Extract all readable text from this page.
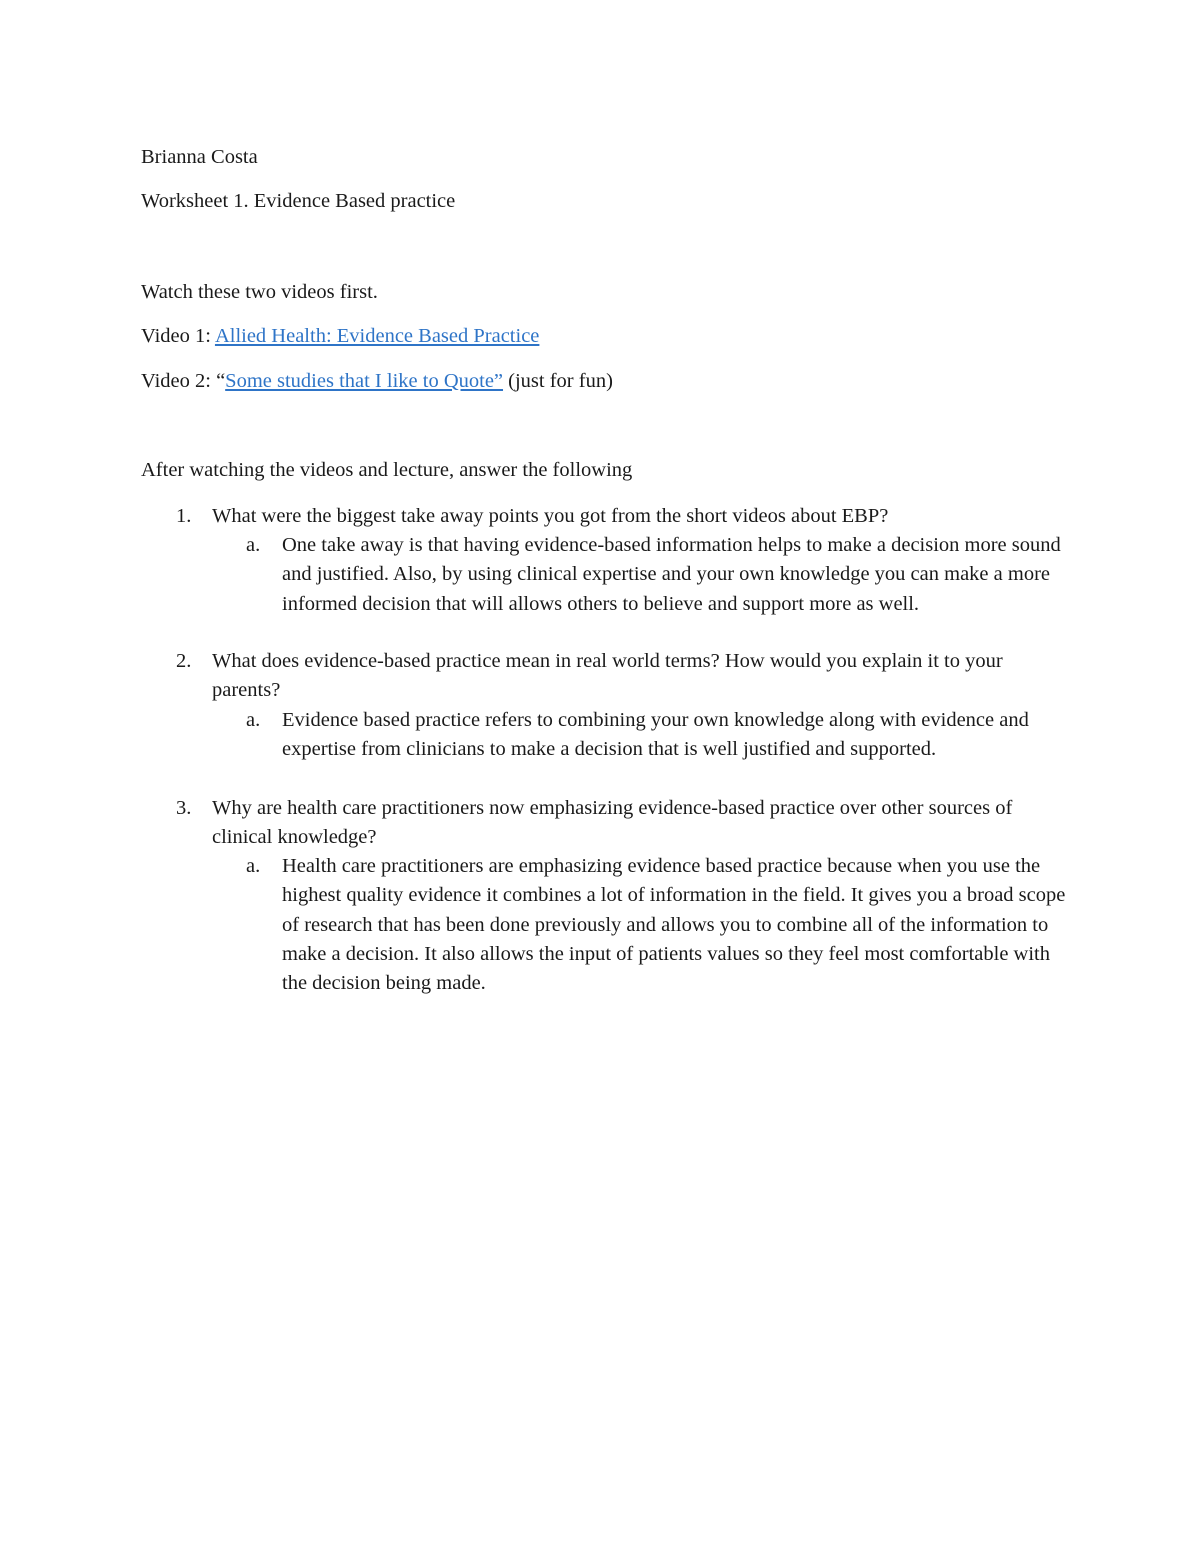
Brianna Costa
Worksheet 1. Evidence Based practice
Watch these two videos first.
Video 1: Allied Health: Evidence Based Practice
Video 2: “Some studies that I like to Quote” (just for fun)
After watching the videos and lecture, answer the following
1. What were the biggest take away points you got from the short videos about EBP?
a. One take away is that having evidence-based information helps to make a decision more sound and justified. Also, by using clinical expertise and your own knowledge you can make a more informed decision that will allows others to believe and support more as well.
2. What does evidence-based practice mean in real world terms? How would you explain it to your parents?
a. Evidence based practice refers to combining your own knowledge along with evidence and expertise from clinicians to make a decision that is well justified and supported.
3. Why are health care practitioners now emphasizing evidence-based practice over other sources of clinical knowledge?
a. Health care practitioners are emphasizing evidence based practice because when you use the highest quality evidence it combines a lot of information in the field. It gives you a broad scope of research that has been done previously and allows you to combine all of the information to make a decision. It also allows the input of patients values so they feel most comfortable with the decision being made.
